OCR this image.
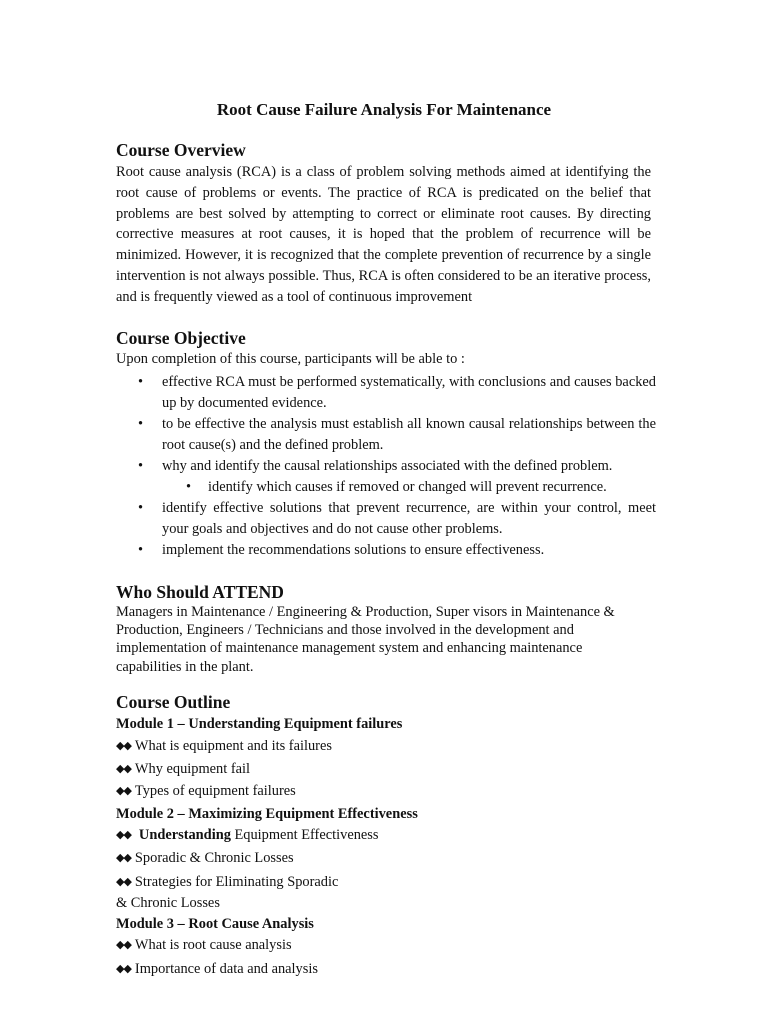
Root Cause Failure Analysis For Maintenance
Course Overview
Root cause analysis (RCA) is a class of problem solving methods aimed at identifying the root cause of problems or events. The practice of RCA is predicated on the belief that problems are best solved by attempting to correct or eliminate root causes. By directing corrective measures at root causes, it is hoped that the problem of recurrence will be minimized. However, it is recognized that the complete prevention of recurrence by a single intervention is not always possible. Thus, RCA is often considered to be an iterative process, and is frequently viewed as a tool of continuous improvement
Course Objective
Upon completion of this course, participants will be able to :
• effective RCA must be performed systematically, with conclusions and causes backed up by documented evidence.
• to be effective the analysis must establish all known causal relationships between the root cause(s) and the defined problem.
• why and identify the causal relationships associated with the defined problem.
• identify which causes if removed or changed will prevent recurrence.
• identify effective solutions that prevent recurrence, are within your control, meet your goals and objectives and do not cause other problems.
• implement the recommendations solutions to ensure effectiveness.
Who Should ATTEND
Managers in Maintenance / Engineering & Production, Super visors in Maintenance & Production, Engineers / Technicians and those involved in the development and implementation of maintenance management system and enhancing maintenance capabilities in the plant.
Course Outline
Module 1 – Understanding Equipment failures
◆◆ What is equipment and its failures
◆◆ Why equipment fail
◆◆ Types of equipment failures
Module 2 – Maximizing Equipment Effectiveness
◆◆ Understanding Equipment Effectiveness
◆◆ Sporadic & Chronic Losses
◆◆ Strategies for Eliminating Sporadic
& Chronic Losses
Module 3 – Root Cause Analysis
◆◆ What is root cause analysis
◆◆ Importance of data and analysis
